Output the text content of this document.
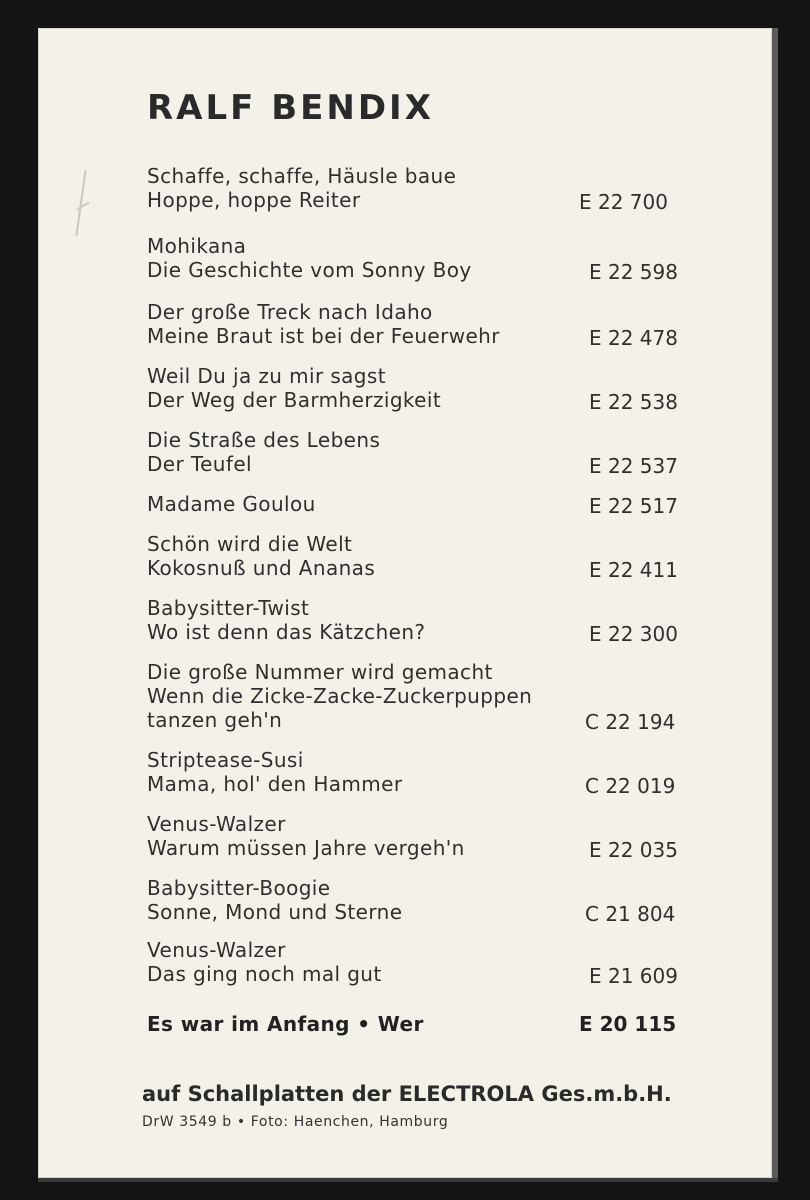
RALF BENDIX
Schaffe, schaffe, Häusle baue
Hoppe, hoppe Reiter	E 22 700
Mohikana
Die Geschichte vom Sonny Boy	E 22 598
Der große Treck nach Idaho
Meine Braut ist bei der Feuerwehr	E 22 478
Weil Du ja zu mir sagst
Der Weg der Barmherzigkeit	E 22 538
Die Straße des Lebens
Der Teufel	E 22 537
Madame Goulou	E 22 517
Schön wird die Welt
Kokosnuß und Ananas	E 22 411
Babysitter-Twist
Wo ist denn das Kätzchen?	E 22 300
Die große Nummer wird gemacht
Wenn die Zicke-Zacke-Zuckerpuppen
tanzen geh'n	C 22 194
Striptease-Susi
Mama, hol' den Hammer	C 22 019
Venus-Walzer
Warum müssen Jahre vergeh'n	E 22 035
Babysitter-Boogie
Sonne, Mond und Sterne	C 21 804
Venus-Walzer
Das ging noch mal gut	E 21 609
Es war im Anfang • Wer	E 20 115
auf Schallplatten der ELECTROLA Ges.m.b.H.
DrW 3549 b • Foto: Haenchen, Hamburg
